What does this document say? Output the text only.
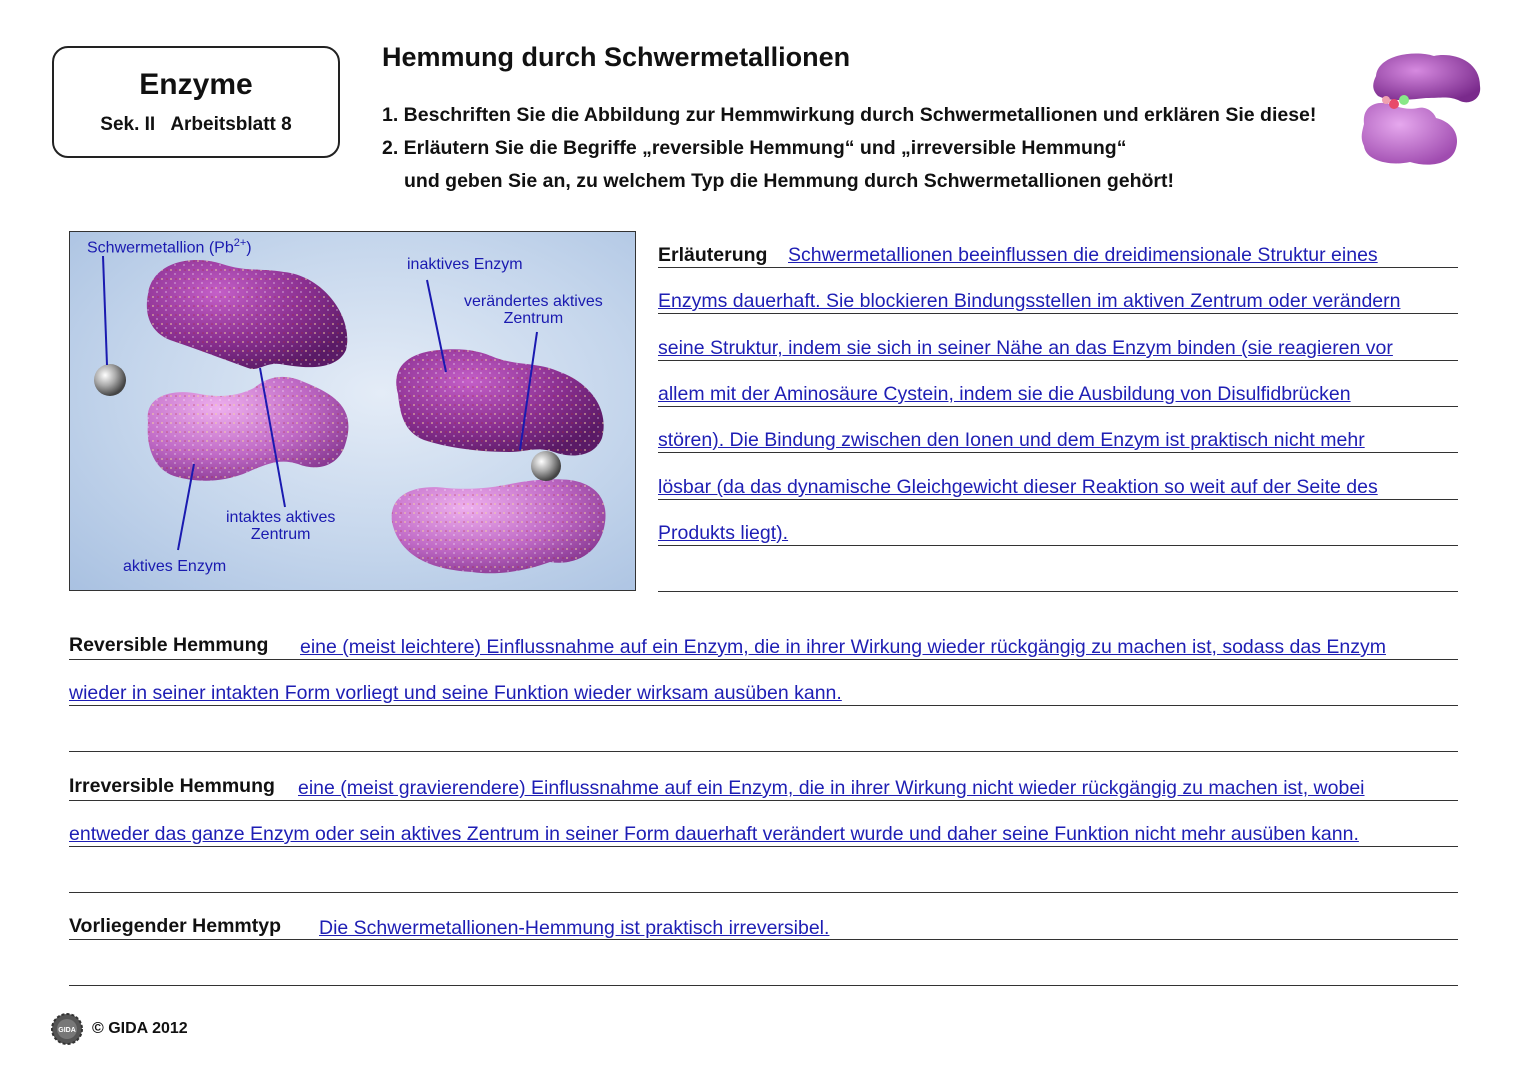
Enzyme
Sek. II   Arbeitsblatt 8
Hemmung durch Schwermetallionen
1. Beschriften Sie die Abbildung zur Hemmwirkung durch Schwermetallionen und erklären Sie diese!
2. Erläutern Sie die Begriffe „reversible Hemmung“ und „irreversible Hemmung“
und geben Sie an, zu welchem Typ die Hemmung durch Schwermetallionen gehört!
Schwermetallion $(Pb^{2+})$
inaktives Enzym
verändertes aktives
Zentrum
intaktes aktives
Zentrum
aktives Enzym
Erläuterung Schwermetallionen beeinflussen die dreidimensionale Struktur eines
Enzyms dauerhaft. Sie blockieren Bindungsstellen im aktiven Zentrum oder verändern
seine Struktur, indem sie sich in seiner Nähe an das Enzym binden (sie reagieren vor
allem mit der Aminosäure Cystein, indem sie die Ausbildung von Disulfidbrücken
stören). Die Bindung zwischen den Ionen und dem Enzym ist praktisch nicht mehr
lösbar (da das dynamische Gleichgewicht dieser Reaktion so weit auf der Seite des
Produkts liegt).
Reversible Hemmung eine (meist leichtere) Einflussnahme auf ein Enzym, die in ihrer Wirkung wieder rückgängig zu machen ist, sodass das Enzym
wieder in seiner intakten Form vorliegt und seine Funktion wieder wirksam ausüben kann.
Irreversible Hemmung eine (meist gravierendere) Einflussnahme auf ein Enzym, die in ihrer Wirkung nicht wieder rückgängig zu machen ist, wobei
entweder das ganze Enzym oder sein aktives Zentrum in seiner Form dauerhaft verändert wurde und daher seine Funktion nicht mehr ausüben kann.
Vorliegender Hemmtyp Die Schwermetallionen-Hemmung ist praktisch irreversibel.
GIDA © GIDA 2012
